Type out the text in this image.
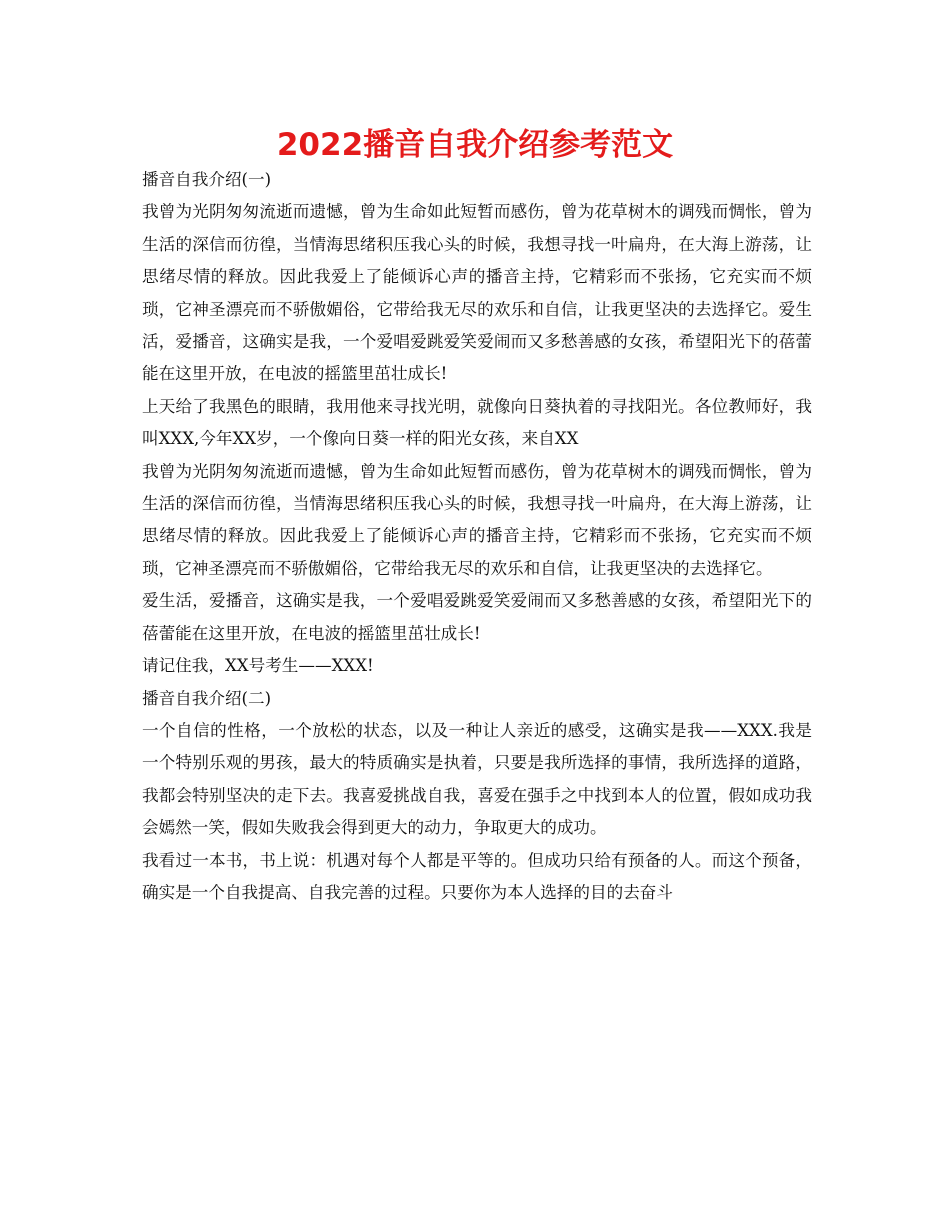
2022播音自我介绍参考范文

播音自我介绍(一)

我曾为光阴匆匆流逝而遗憾，曾为生命如此短暂而感伤，曾为花草树木的调残而惆怅，曾为生活的深信而彷徨，当情海思绪积压我心头的时候，我想寻找一叶扁舟，在大海上游荡，让思绪尽情的释放。因此我爱上了能倾诉心声的播音主持，它精彩而不张扬，它充实而不烦琐，它神圣漂亮而不骄傲媚俗，它带给我无尽的欢乐和自信，让我更坚决的去选择它。爱生活，爱播音，这确实是我，一个爱唱爱跳爱笑爱闹而又多愁善感的女孩，希望阳光下的蓓蕾能在这里开放，在电波的摇篮里茁壮成长!

上天给了我黑色的眼睛，我用他来寻找光明，就像向日葵执着的寻找阳光。各位教师好，我叫XXX,今年XX岁，一个像向日葵一样的阳光女孩，来自XX

我曾为光阴匆匆流逝而遗憾，曾为生命如此短暂而感伤，曾为花草树木的调残而惆怅，曾为生活的深信而彷徨，当情海思绪积压我心头的时候，我想寻找一叶扁舟，在大海上游荡，让思绪尽情的释放。因此我爱上了能倾诉心声的播音主持，它精彩而不张扬，它充实而不烦琐，它神圣漂亮而不骄傲媚俗，它带给我无尽的欢乐和自信，让我更坚决的去选择它。

爱生活，爱播音，这确实是我，一个爱唱爱跳爱笑爱闹而又多愁善感的女孩，希望阳光下的蓓蕾能在这里开放，在电波的摇篮里茁壮成长!

请记住我，XX号考生——XXX!

播音自我介绍(二)

一个自信的性格，一个放松的状态，以及一种让人亲近的感受，这确实是我——XXX.我是一个特别乐观的男孩，最大的特质确实是执着，只要是我所选择的事情，我所选择的道路，我都会特别坚决的走下去。我喜爱挑战自我，喜爱在强手之中找到本人的位置，假如成功我会嫣然一笑，假如失败我会得到更大的动力，争取更大的成功。

我看过一本书，书上说：机遇对每个人都是平等的。但成功只给有预备的人。而这个预备，确实是一个自我提高、自我完善的过程。只要你为本人选择的目的去奋斗
